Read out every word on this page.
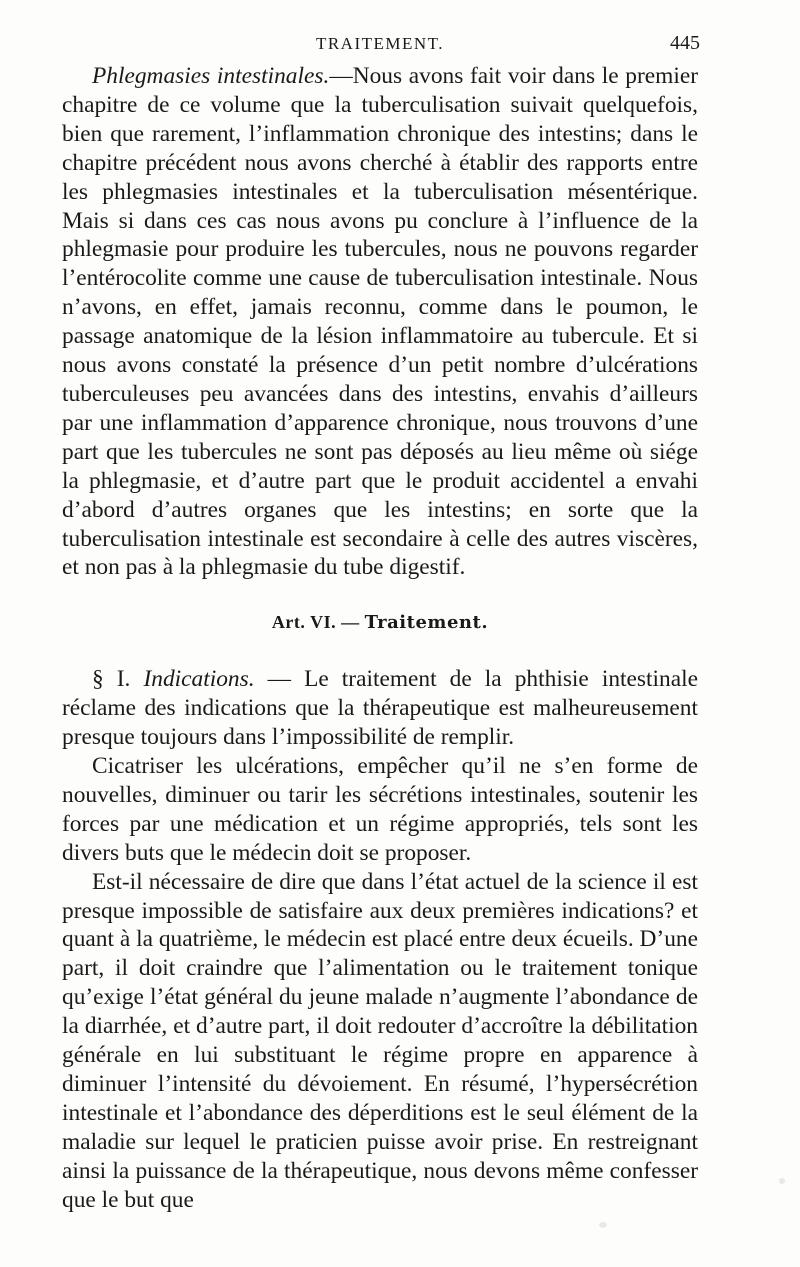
TRAITEMENT.	445

Phlegmasies intestinales.—Nous avons fait voir dans le premier chapitre de ce volume que la tuberculisation suivait quelquefois, bien que rarement, l’inflammation chronique des intestins; dans le chapitre précédent nous avons cherché à établir des rapports entre les phlegmasies intestinales et la tuberculisation mésentérique. Mais si dans ces cas nous avons pu conclure à l’influence de la phlegmasie pour produire les tubercules, nous ne pouvons regarder l’entérocolite comme une cause de tuberculisation intestinale. Nous n’avons, en effet, jamais reconnu, comme dans le poumon, le passage anatomique de la lésion inflammatoire au tubercule. Et si nous avons constaté la présence d’un petit nombre d’ulcérations tuberculeuses peu avancées dans des intestins, envahis d’ailleurs par une inflammation d’apparence chronique, nous trouvons d’une part que les tubercules ne sont pas déposés au lieu même où siége la phlegmasie, et d’autre part que le produit accidentel a envahi d’abord d’autres organes que les intestins; en sorte que la tuberculisation intestinale est secondaire à celle des autres viscères, et non pas à la phlegmasie du tube digestif.

Art. VI. — Traitement.

§ I. Indications. — Le traitement de la phthisie intestinale réclame des indications que la thérapeutique est malheureusement presque toujours dans l’impossibilité de remplir.

Cicatriser les ulcérations, empêcher qu’il ne s’en forme de nouvelles, diminuer ou tarir les sécrétions intestinales, soutenir les forces par une médication et un régime appropriés, tels sont les divers buts que le médecin doit se proposer.

Est-il nécessaire de dire que dans l’état actuel de la science il est presque impossible de satisfaire aux deux premières indications? et quant à la quatrième, le médecin est placé entre deux écueils. D’une part, il doit craindre que l’alimentation ou le traitement tonique qu’exige l’état général du jeune malade n’augmente l’abondance de la diarrhée, et d’autre part, il doit redouter d’accroître la débilitation générale en lui substituant le régime propre en apparence à diminuer l’intensité du dévoiement. En résumé, l’hypersécrétion intestinale et l’abondance des déperditions est le seul élément de la maladie sur lequel le praticien puisse avoir prise. En restreignant ainsi la puissance de la thérapeutique, nous devons même confesser que le but que
